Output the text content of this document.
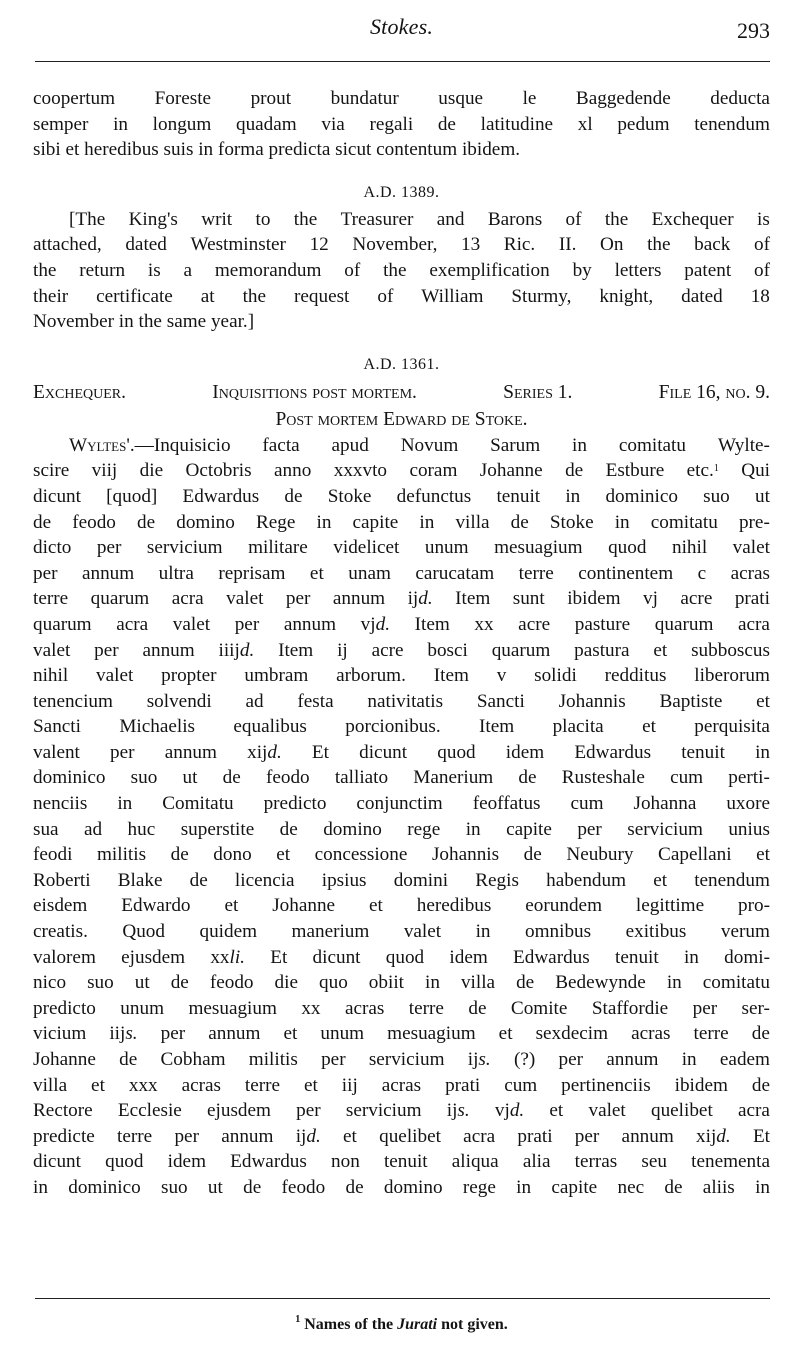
Stokes.	293
coopertum Foreste prout bundatur usque le Baggedende deducta
semper in longum quadam via regali de latitudine xl pedum tenendum
sibi et heredibus suis in forma predicta sicut contentum ibidem.
A.D. 1389.
[The King's writ to the Treasurer and Barons of the Exchequer is
attached, dated Westminster 12 November, 13 Ric. II. On the back of
the return is a memorandum of the exemplification by letters patent of
their certificate at the request of William Sturmy, knight, dated 18
November in the same year.]
A.D. 1361.
Exchequer.	Inquisitions post mortem.	Series 1.	File 16, no. 9.
Post mortem Edward de Stoke.
Wyltes'.—Inquisicio facta apud Novum Sarum in comitatu Wylte-
scire viij die Octobris anno xxxvto coram Johanne de Estbure etc.$^1$ Qui
dicunt [quod] Edwardus de Stoke defunctus tenuit in dominico suo ut
de feodo de domino Rege in capite in villa de Stoke in comitatu pre-
dicto per servicium militare videlicet unum mesuagium quod nihil valet
per annum ultra reprisam et unam carucatam terre continentem c acras
terre quarum acra valet per annum ijd. Item sunt ibidem vj acre prati
quarum acra valet per annum vjd. Item xx acre pasture quarum acra
valet per annum iiijd. Item ij acre bosci quarum pastura et subboscus
nihil valet propter umbram arborum. Item v solidi redditus liberorum
tenencium solvendi ad festa nativitatis Sancti Johannis Baptiste et
Sancti Michaelis equalibus porcionibus. Item placita et perquisita
valent per annum xijd. Et dicunt quod idem Edwardus tenuit in
dominico suo ut de feodo talliato Manerium de Rusteshale cum perti-
nenciis in Comitatu predicto conjunctim feoffatus cum Johanna uxore
sua ad huc superstite de domino rege in capite per servicium unius
feodi militis de dono et concessione Johannis de Neubury Capellani et
Roberti Blake de licencia ipsius domini Regis habendum et tenendum
eisdem Edwardo et Johanne et heredibus eorundem legittime pro-
creatis. Quod quidem manerium valet in omnibus exitibus verum
valorem ejusdem xxli. Et dicunt quod idem Edwardus tenuit in domi-
nico suo ut de feodo die quo obiit in villa de Bedewynde in comitatu
predicto unum mesuagium xx acras terre de Comite Staffordie per ser-
vicium iijs. per annum et unum mesuagium et sexdecim acras terre de
Johanne de Cobham militis per servicium ijs. (?) per annum in eadem
villa et xxx acras terre et iij acras prati cum pertinenciis ibidem de
Rectore Ecclesie ejusdem per servicium ijs. vjd. et valet quelibet acra
predicte terre per annum ijd. et quelibet acra prati per annum xijd. Et
dicunt quod idem Edwardus non tenuit aliqua alia terras seu tenementa
in dominico suo ut de feodo de domino rege in capite nec de aliis in
$^1$ Names of the Jurati not given.
